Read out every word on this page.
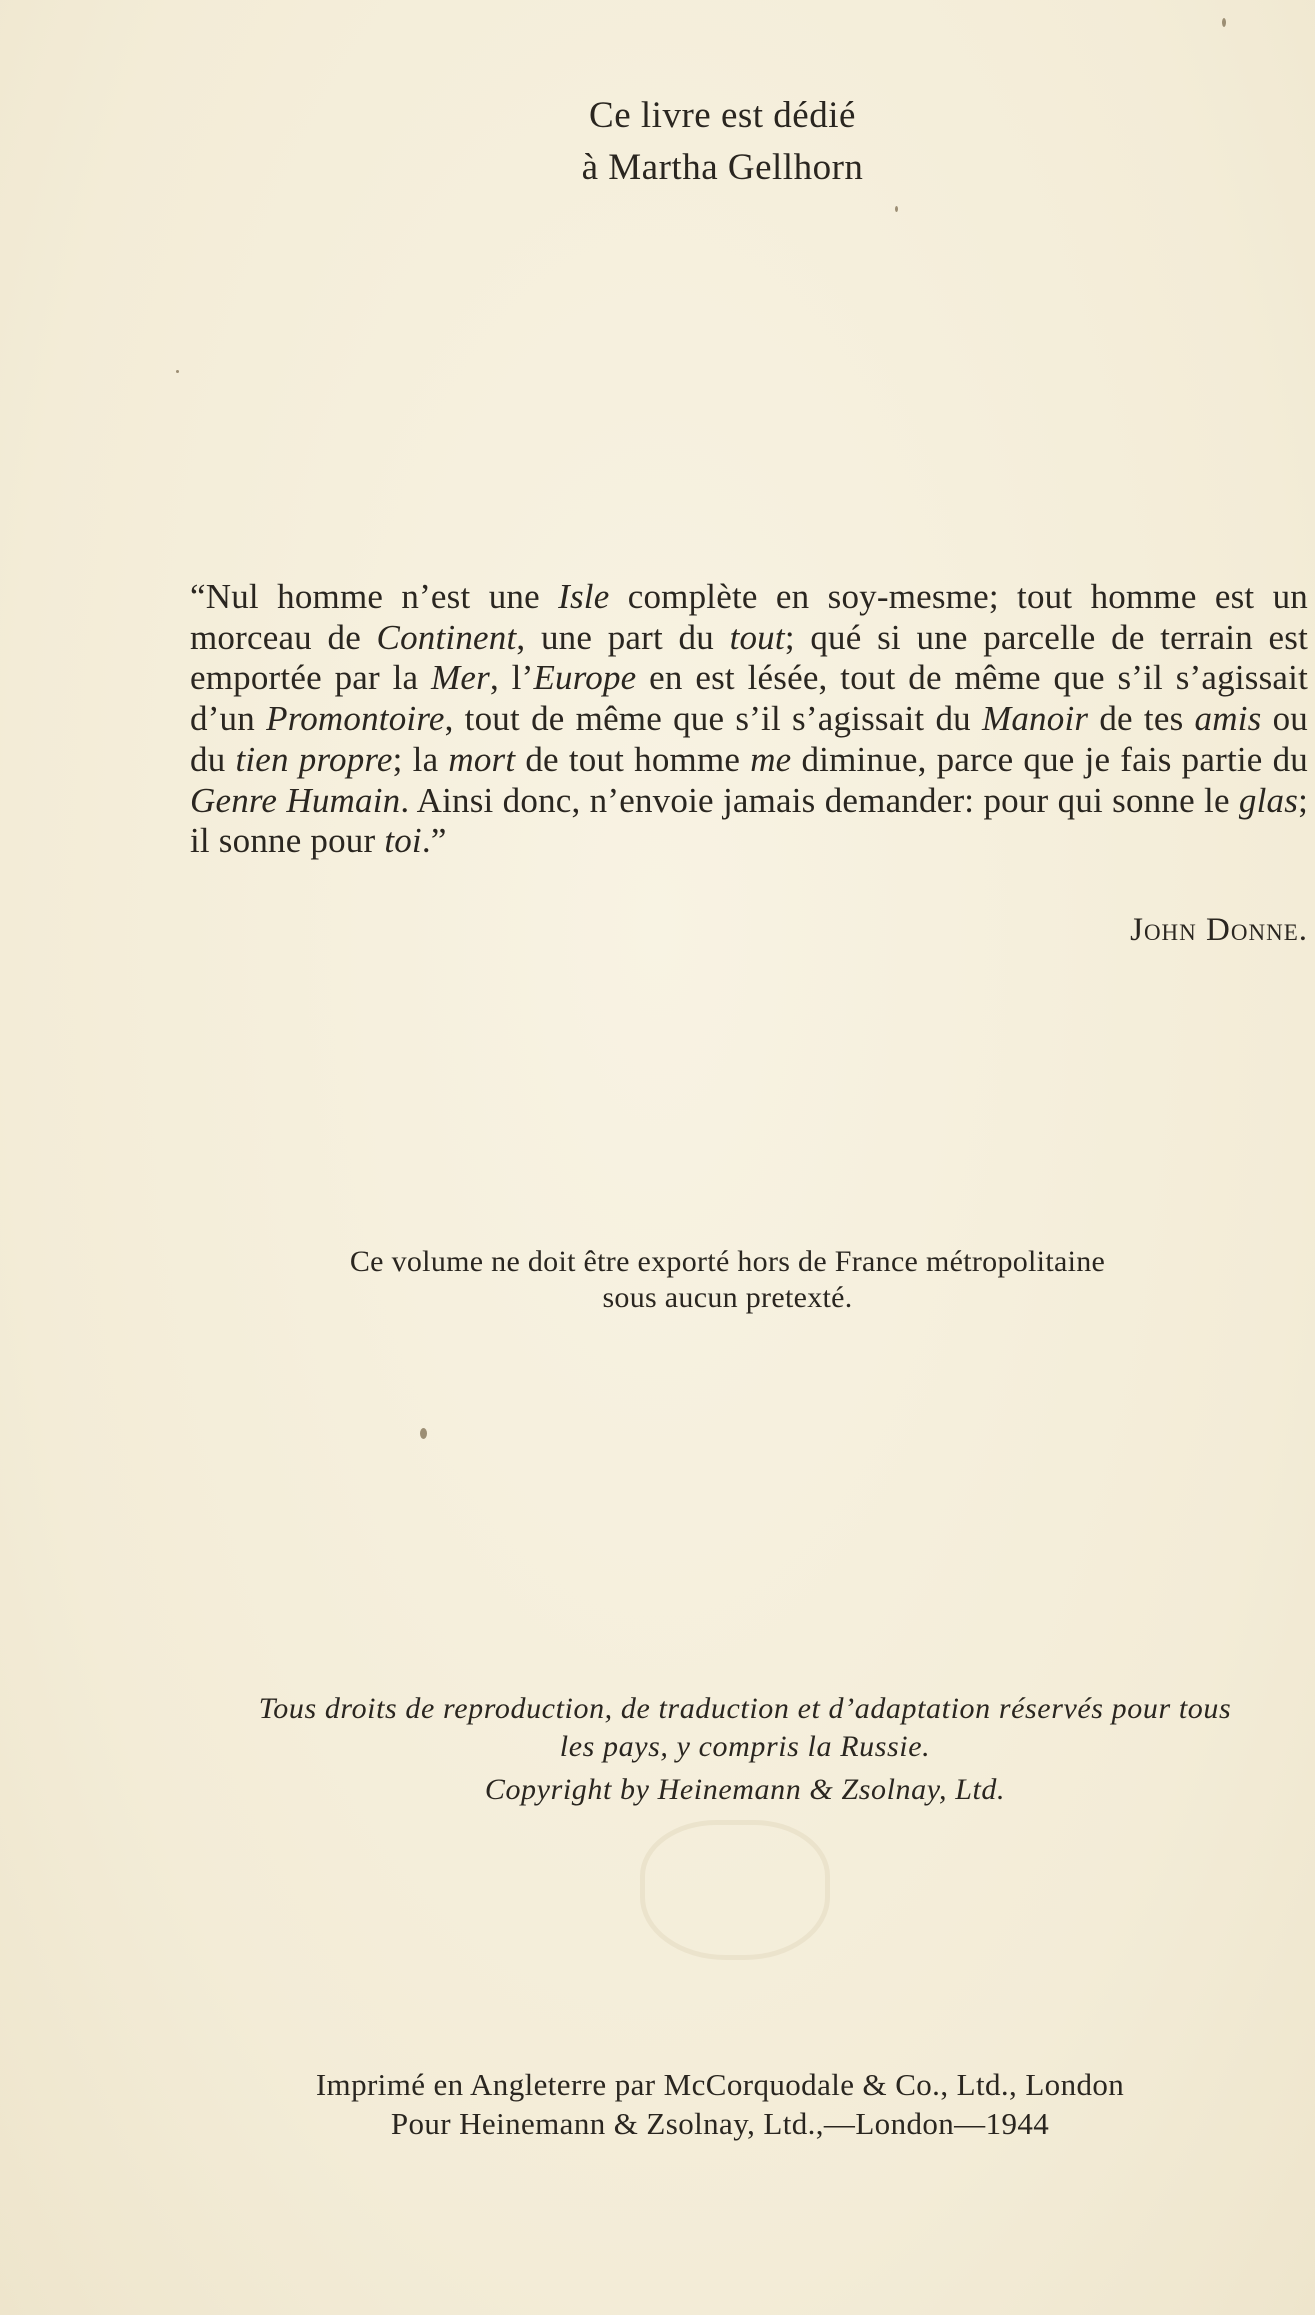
Ce livre est dédié
à Martha Gellhorn
“Nul homme n’est une Isle complète en soy-mesme; tout homme est un morceau de Continent, une part du tout; qué si une parcelle de terrain est emportée par la Mer, l’Europe en est lésée, tout de même que s’il s’agissait d’un Promontoire, tout de même que s’il s’agissait du Manoir de tes amis ou du tien propre; la mort de tout homme me diminue, parce que je fais partie du Genre Humain. Ainsi donc, n’envoie jamais demander: pour qui sonne le glas; il sonne pour toi.”
John Donne.
Ce volume ne doit être exporté hors de France métropolitaine
sous aucun pretexté.
Tous droits de reproduction, de traduction et d’adaptation réservés pour tous
les pays, y compris la Russie.
Copyright by Heinemann & Zsolnay, Ltd.
Imprimé en Angleterre par McCorquodale & Co., Ltd., London
Pour Heinemann & Zsolnay, Ltd.,—London—1944
